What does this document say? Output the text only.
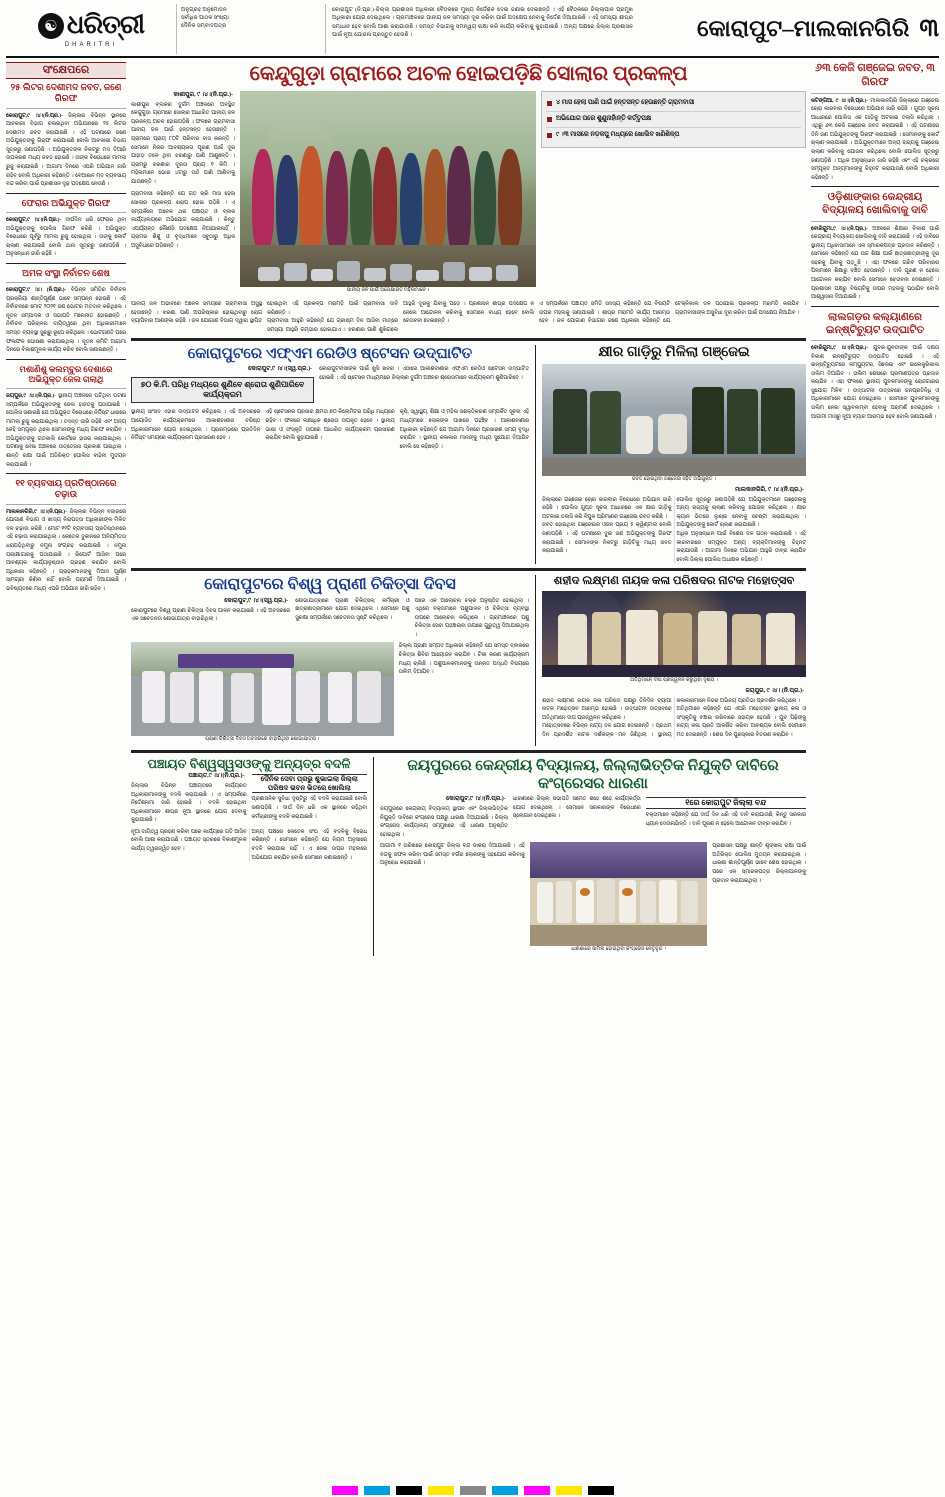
☯ ଧରିତ୍ରୀ
DHARITRI
ଅନୁଗ୍ରହ ଅନୁମୋଦନ
ସର୍ବାଧିକ ପାଠକ ସଂଖ୍ୟା
ଦୈନିକ ସମ୍ବାଦପତ୍ର
କୋରାପୁଟ (ନି.ପ୍ର.)-ଜିଲ୍ଲା ପ୍ରଶାସନ ଅଧିକାରୀ ବୈଠକରେ ମୁଖ୍ୟ ନିର୍ଦ୍ଦେଶକ ଦେଇ ଜଣାଇ ଦେଇଛନ୍ତି । ଏହି ବୈଠକରେ ଜିଲ୍ଲାପାଳ ପ୍ରମୁଖ ଅଧିକାରୀ ଯୋଗ ଦେଇଥିଲେ । ଗ୍ରାମାଞ୍ଚଳରେ ପାନୀୟ ଜଳ ସମସ୍ୟା ଦୂର କରିବା ପାଇଁ ପଦକ୍ଷେପ ନେବାକୁ ନିର୍ଦ୍ଦେଶ ଦିଆଯାଇଛି । ଏହି ସମସ୍ୟା ଶୀଘ୍ର ସମାଧାନ ହେବ ବୋଲି ଆଶା କରାଯାଉଛି । ସମସ୍ତ ବିଭାଗକୁ ସମନ୍ୱୟ ରକ୍ଷା କରି କାର୍ଯ୍ୟ କରିବାକୁ କୁହାଯାଇଛି । ଅନ୍ୟ ପକ୍ଷରେ ଜିଲ୍ଲା ପ୍ରଶାସନ ପାଇଁ ନୂଆ ଯୋଜନା ପ୍ରସ୍ତୁତ ହେଉଛି ।	କୋରାପୁଟ–ମାଲକାନଗିରି ୩
ସଂକ୍ଷେପରେ
୨୫ ଲିଟର ଦେଶୀମଦ ଜବତ, ଜଣେ ଗିରଫ
କୋରାପୁଟ,୯ ।୪।(ନି.ପ୍ର.)- ଜିଲ୍ଲାର ବିଭିନ୍ନ ସ୍ଥାନରେ ଆବକାରୀ ବିଭାଗ ଚଳାଇଥିବା ଅଭିଯାନରେ ୨୫ ଲିଟର ଦେଶୀମଦ ଜବତ କରାଯାଇଛି । ଏହି ଘଟଣାରେ ଜଣେ ଅଭିଯୁକ୍ତଙ୍କୁ ଗିରଫ କରାଯାଇଛି ବୋଲି ଆବକାରୀ ବିଭାଗ ସୂତ୍ରରୁ ଜଣାପଡ଼ିଛି । ଅଭିଯୁକ୍ତଙ୍କ ନିକଟରୁ ମଦ ତିଆରି ଉପକରଣ ମଧ୍ୟ ଜବତ ହୋଇଛି । ତାଙ୍କ ବିରୋଧରେ ମାମଲା ରୁଜୁ କରାଯାଇଛି । ଆଗାମୀ ଦିନରେ ଏପରି ଅଭିଯାନ ଜାରି ରହିବ ବୋଲି ଅଧିକାରୀ କହିଛନ୍ତି । ବେଆଇନ ମଦ ବ୍ୟବସାୟ ବନ୍ଦ କରିବା ପାଇଁ ପ୍ରଶାସନ ଦୃଢ଼ ପଦକ୍ଷେପ ନେଉଛି ।
ଫେରାର ଅଭିଯୁକ୍ତ ଗିରଫ
କୋରାପୁଟ,୯ ।୪।(ନି.ପ୍ର.)- ଦୀର୍ଘଦିନ ଧରି ଫେରାର ଥିବା ଅଭିଯୁକ୍ତଙ୍କୁ ପୋଲିସ ଗିରଫ କରିଛି । ଅଭିଯୁକ୍ତ ବିରୋଧରେ ପୂର୍ବରୁ ମାମଲା ରୁଜୁ ହୋଇଥିଲା । ତାଙ୍କୁ କୋର୍ଟ ଚାଲାଣ କରାଯାଇଛି ବୋଲି ଥାନା ସୂତ୍ରରୁ ଜଣାପଡ଼ିଛି । ଅନୁସନ୍ଧାନ ଜାରି ରହିଛି ।
ଅମଳ ସଂସ୍ଥା ନିର୍ବାଚନ ଶେଷ
କୋରାପୁଟ,୯ ।୪। (ନି.ପ୍ର.)- ବିଭିନ୍ନ ସମିତିର ନିର୍ବାଚନ ପ୍ରକ୍ରିୟା ଶାନ୍ତିପୂର୍ଣ୍ଣ ଭାବେ ସମ୍ପନ୍ନ ହୋଇଛି । ଏହି ନିର୍ବାଚନରେ ମୋଟ ୨୦୨୧ ଜଣ ଭୋଟର ମତଦାନ କରିଥିଲେ । ନୂତନ ସମ୍ପାଦକ ଓ ସଭାପତି ମନୋନୀତ ହୋଇଛନ୍ତି । ନିର୍ବାଚନ ପରିଚାଳନା ଦାୟିତ୍ୱରେ ଥିବା ଅଧିକାରୀମାନେ ସମସ୍ତ ବ୍ୟବସ୍ଥା ସୁଚାରୁ ରୂପେ କରିଥିଲେ । ଭୋଟଗଣତି ପରେ ଫଳାଫଳ ଘୋଷଣା କରାଯାଇଥିଲା । ନୂତନ କମିଟି ଆଗାମୀ ଦିନରେ ବିକାଶମୂଳକ କାର୍ଯ୍ୟ କରିବ ବୋଲି ଜଣାଇଛନ୍ତି ।
ମଶାଣିଶୁ କଲମ୍ବୁର ଦେଶାରେ ଅଭିଯୁକ୍ତ ଜେଲ ଗଲାଥି
ଜୟପୁର,୯ ।୪।(ନି.ପ୍ର.)- ସ୍ଥାନୀୟ ଅଞ୍ଚଳରେ ଘଟିଥିବା ଘଟଣା ସମ୍ପର୍କରେ ଅଭିଯୁକ୍ତଙ୍କୁ ଜେଲ ହାଜତକୁ ପଠାଯାଇଛି । ପୋଲିସ ଜଣାଇଛି ଯେ ଅଭିଯୁକ୍ତ ବିରୋଧରେ ନିର୍ଦ୍ଦିଷ୍ଟ ଧାରାରେ ମାମଲା ରୁଜୁ କରାଯାଇଥିଲା । ତଦନ୍ତ ଜାରି ରହିଛି ଏବଂ ଅନ୍ୟ କେହି ସମ୍ପୃକ୍ତ ଥିଲେ ସେମାନଙ୍କୁ ମଧ୍ୟ ଗିରଫ କରାଯିବ । ଅଭିଯୁକ୍ତଙ୍କୁ ଗତକାଲି କୋର୍ଟରେ ହାଜର କରାଯାଇଥିଲା । ଘଟଣାକୁ ନେଇ ଅଞ୍ଚଳରେ ଉତ୍ତେଜନା ପ୍ରକାଶ ପାଇଥିଲା । ଶାନ୍ତି ରକ୍ଷା ପାଇଁ ଅତିରିକ୍ତ ପୋଲିସ ବାହିନୀ ମୁତୟନ କରାଯାଇଛି ।
୧୧ ବ୍ୟବସାୟ ପ୍ରତିଷ୍ଠାନରେ ଚଢ଼ାଉ
ମାଲକାନଗିରି,୯ ।୪।(ନି.ପ୍ର.)- ଜିଲ୍ଲାର ବିଭିନ୍ନ ବଜାରରେ ଯୋଗାଣ ବିଭାଗ ଓ ଖାଦ୍ୟ ନିରାପତ୍ତା ଅଧିକାରୀଙ୍କ ମିଳିତ ଦଳ ଚଢ଼ାଉ କରିଛି । ମୋଟ ୧୧ଟି ବ୍ୟବସାୟ ପ୍ରତିଷ୍ଠାନରେ ଏହି ଚଢ଼ାଉ କରାଯାଇଥିଲା । କେତେକ ଦୁକାନରେ ଅନିୟମିତତା ଧରାପଡ଼ିଥିବାରୁ ନମୁନା ସଂଗ୍ରହ କରାଯାଇଛି । ନମୁନା ପରୀକ୍ଷାଗାରକୁ ପଠାଯାଇଛି । ରିପୋର୍ଟ ଆସିବା ପରେ ଆବଶ୍ୟକ କାର୍ଯ୍ୟାନୁଷ୍ଠାନ ଗ୍ରହଣ କରାଯିବ ବୋଲି ଅଧିକାରୀ କହିଛନ୍ତି । ଗ୍ରାହକମାନଙ୍କୁ ମିଆଦ ପୂର୍ଣ୍ଣ ସାମଗ୍ରୀ କିଣିବା ନାହିଁ ବୋଲି ପରାମର୍ଶ ଦିଆଯାଇଛି । ଭବିଷ୍ୟତରେ ମଧ୍ୟ ଏପରି ଅଭିଯାନ ଜାରି ରହିବ ।
କେନ୍ଦୁଗୁଡ଼ା ଗ୍ରାମରେ ଅଚଳ ହୋଇପଡ଼ିଛି ସୋଲାର ପ୍ରକଳ୍ପ
କାଶୀପୁର, ୯ ।୪।(ନି.ପ୍ର.)-
କାଶୀପୁର ବ୍ଲକର ଦୁର୍ଗମ ଅଞ୍ଚଳରେ ଅବସ୍ଥିତ କେନ୍ଦୁଗୁଡ଼ା ଗ୍ରାମରେ ସୋଲାର ଆଧାରିତ ପାନୀୟ ଜଳ ପ୍ରକଳ୍ପ ଅଚଳ ହୋଇପଡ଼ିଛି । ଫଳରେ ଗ୍ରାମବାସୀ ପାନୀୟ ଜଳ ପାଇଁ ହନ୍ତସନ୍ତ ହେଉଛନ୍ତି । ଗ୍ରାମରେ ପ୍ରାୟ ୮୦ଟି ପରିବାର ବାସ କରନ୍ତି । ସେମାନେ ନିଜର ଆବଶ୍ୟକତା ପୂରଣ ପାଇଁ ଦୂର ପାହାଡ଼ ତଳେ ଥିବା ଝରଣାରୁ ପାଣି ଆଣୁଛନ୍ତି । ଗ୍ରାମରୁ ଝରଣାର ଦୂରତା ପ୍ରାୟ ୧ କିମି । ମହିଳାମାନେ ଭୋର ୪ଟାରୁ ଉଠି ପାଣି ଆଣିବାକୁ ଯାଉଛନ୍ତି ।
ଗ୍ରାମବାସୀ କହିଛନ୍ତି ଯେ ଗତ ଚାରି ମାସ ହେଲା ସୋଲାର ପ୍ରକଳ୍ପ ଖରାପ ହୋଇ ପଡ଼ିଛି । ଏ ସମ୍ପର୍କରେ ଅନେକ ଥର ପଞ୍ଚାୟତ ଓ ବ୍ଲକ କାର୍ଯ୍ୟାଲୟରେ ଅଭିଯୋଗ କରାଯାଇଛି । କିନ୍ତୁ ଏପର୍ଯ୍ୟନ୍ତ କୌଣସି ପଦକ୍ଷେପ ନିଆଯାଇନାହିଁ । ଗ୍ରାମର ଶିଶୁ ଓ ବୃଦ୍ଧମାନେ ସବୁଠାରୁ ଅଧିକ ଅସୁବିଧାରେ ପଡ଼ିଛନ୍ତି ।
ପାନୀୟ ଜଳ ପାଇଁ ଅପେକ୍ଷାରତ ମହିଳାମାନେ ।
୪ ମାସ ହେଲା ପାଣି ପାଇଁ ହନ୍ତସନ୍ତ ହେଉଛନ୍ତି ଗ୍ରାମବାସୀ
ଅଭିଯୋଗ ପରେ ଶୁଣୁନାହାଁନ୍ତି କର୍ତ୍ତୃପକ୍ଷ
୯ ।୩ ମାସରେ ନଡ଼କପୁ ମଧ୍ୟରେ ଖୋଲିବ ଖଣିଶିଳ୍ପ
ପାନୀୟ ଜଳ ଅଭାବରେ ଅନେକ ସମୟରେ ଗ୍ରାମବାସୀ ଅସୁସ୍ଥ ହେଉଛନ୍ତି । ଝରଣା ପାଣି ଅପରିଷ୍କାର ହୋଇଥିବାରୁ ରୋଗ ବ୍ୟାପିବାର ଆଶଙ୍କା ରହିଛି । ଜଳ ଯୋଗାଣ ବିଭାଗ ଦ୍ୱାରା ସ୍ଥାପିତ ହୋଇଥିବା ଏହି ପ୍ରକଳ୍ପ ମରାମତି ପାଇଁ ଗ୍ରାମବାସୀ ଦାବି କରିଛନ୍ତି ।
ଗ୍ରାମବାସୀ ଆହୁରି କହିଛନ୍ତି ଯେ ଗ୍ରୀଷ୍ମ ଦିନ ଆସିବା ମାତ୍ରେ ସମସ୍ୟା ଆହୁରି ଗମ୍ଭୀର ହୋଇଯାଏ । ଝରଣାର ପାଣି ଶୁଖିଗଲେ ଆହୁରି ଦୂରକୁ ଯିବାକୁ ପଡ଼େ । ପ୍ରଶାସନ ଶୀଘ୍ର ପଦକ୍ଷେପ ନ ନେଲେ ଆନ୍ଦୋଳନ କରିବାକୁ ସେମାନେ ବାଧ୍ୟ ହେବେ ବୋଲି ଚେତାବନୀ ଦେଇଛନ୍ତି ।
ଏ ସମ୍ପର୍କରେ ପଞ୍ଚାୟତ ସମିତି ସଦସ୍ୟ କହିଛନ୍ତି ଯେ ବିଷୟଟି ଉପର ମହଲକୁ ଜଣାଯାଇଛି । ଶୀଘ୍ର ମରାମତି କାର୍ଯ୍ୟ ଆରମ୍ଭ ହେବ । ଜଳ ଯୋଗାଣ ବିଭାଗର ଜଣେ ଅଧିକାରୀ କହିଛନ୍ତି ଯେ ଟେକ୍ନିକାଲ ଦଳ ପଠାଯାଇ ପ୍ରକଳ୍ପ ମରାମତି କରାଯିବ । ଗ୍ରାମବାସୀଙ୍କ ଅସୁବିଧା ଦୂର କରିବା ପାଇଁ ପଦକ୍ଷେପ ନିଆଯିବ ।
କୋରାପୁଟରେ ଏଫ୍ଏମ ରେଡିଓ ଷ୍ଟେସନ ଉଦ୍‌ଘାଟିତ
କୋରାପୁଟ,୯ ।୪।(ସ୍ୱ.ପ୍ର.)-
୭୦ କି.ମି. ପରିଧି ମଧ୍ୟରେ ଶୁଣିବେ ଶ୍ରୋତା ଶୁଣିପାରିବେ କାର୍ଯ୍ୟକ୍ରମ
କୋରାପୁଟବାସୀଙ୍କ ପାଇଁ ଖୁସି ଖବର । ଏଠାରେ ଆକାଶବାଣୀର ଏଫ୍ଏମ ରେଡିଓ ଷ୍ଟେସନ ଉଦ୍‌ଘାଟିତ ହୋଇଛି । ଏହି ଷ୍ଟେସନ ମାଧ୍ୟମରେ ଜିଲ୍ଲାର ଦୁର୍ଗମ ଅଞ୍ଚଳର ଶ୍ରୋତାମାନେ କାର୍ଯ୍ୟକ୍ରମ ଶୁଣିପାରିବେ ।
ସ୍ଥାନୀୟ ସାଂସଦ ଏହାର ଉଦ୍‌ଘାଟନ କରିଥିଲେ । ଏହି ଅବସରରେ ଆୟୋଜିତ କାର୍ଯ୍ୟକ୍ରମରେ ଆକାଶବାଣୀର ବରିଷ୍ଠ ଅଧିକାରୀମାନେ ଯୋଗ ଦେଇଥିଲେ । ପ୍ରାରମ୍ଭରେ ପ୍ରତିଦିନ ନିର୍ଦ୍ଦିଷ୍ଟ ସମୟରେ କାର୍ଯ୍ୟକ୍ରମ ପ୍ରସାରଣ ହେବ ।
ଏହି ଷ୍ଟେସନର ପ୍ରସାର କ୍ଷମତା ୭୦ କିଲୋମିଟର ପରିଧି ମଧ୍ୟରେ ରହିବ । ଫଳରେ ଲକ୍ଷାଧିକ ଶ୍ରୋତା ଉପକୃତ ହେବେ । ସ୍ଥାନୀୟ ଭାଷା ଓ ସଂସ୍କୃତି ଉପରେ ଆଧାରିତ କାର୍ଯ୍ୟକ୍ରମ ପ୍ରସାରଣ କରାଯିବ ବୋଲି କୁହାଯାଇଛି ।
କୃଷି, ସ୍ୱାସ୍ଥ୍ୟ, ଶିକ୍ଷା ଓ ମହିଳା ସଶକ୍ତିକରଣ ସମ୍ପର୍କିତ ସୂଚନା ଏହି ମାଧ୍ୟମରେ ଲୋକଙ୍କ ପାଖରେ ପହଞ୍ଚିବ । ଆକାଶବାଣୀର ଅଧିକାରୀ କହିଛନ୍ତି ଯେ ଆଗାମୀ ଦିନରେ ପ୍ରସାରଣ ସମୟ ବୃଦ୍ଧି କରାଯିବ । ସ୍ଥାନୀୟ କଳାକାର ମାନଙ୍କୁ ମଧ୍ୟ ସୁଯୋଗ ଦିଆଯିବ ବୋଲି ସେ କହିଛନ୍ତି ।
କ୍ଷୀର ଗାଡ଼ିରୁ ମିଳିଲା ଗଞ୍ଜେଇ
ଜବତ ହୋଇଥିବା ଗଞ୍ଜେଇ ସହିତ ଅଭିଯୁକ୍ତ ।
ମାଲକାନଗିରି, ୯ ।୪।(ନି.ପ୍ର.)-
ଜିଲ୍ଲାରେ ଗଞ୍ଜେଇ ଚୋରା କାରବାର ବିରୋଧରେ ଅଭିଯାନ ଜାରି ରହିଛି । ପୋଲିସ ଗୁପ୍ତ ସୂଚନା ଆଧାରରେ ଏକ କ୍ଷୀର ଗାଡ଼ିକୁ ଅଟକାଇ ତଲାସି କରି ବିପୁଳ ପରିମାଣର ଗଞ୍ଜେଇ ଜବତ କରିଛି ।
ଜବତ ହୋଇଥିବା ଗଞ୍ଜେଇର ଓଜନ ପ୍ରାୟ ୫ କ୍ୱିଣ୍ଟାଲ ବୋଲି ଜଣାପଡ଼ିଛି । ଏହି ଘଟଣାରେ ଦୁଇ ଜଣ ଅଭିଯୁକ୍ତଙ୍କୁ ଗିରଫ କରାଯାଇଛି । ସେମାନଙ୍କ ନିକଟରୁ ଗାଡ଼ିଟିକୁ ମଧ୍ୟ ଜବତ କରାଯାଇଛି ।
ପୋଲିସ ସୂତ୍ରରୁ ଜଣାପଡ଼ିଛି ଯେ ଅଭିଯୁକ୍ତମାନେ ଗଞ୍ଜେଇକୁ ଅନ୍ୟ ରାଜ୍ୟକୁ ଚାଲାଣ କରିବାକୁ ଯୋଜନା କରିଥିଲେ । କ୍ଷୀର କ୍ୟାନ ଭିତରେ ଲୁଚାଇ ନେବାକୁ ଚେଷ୍ଟା କରାଯାଇଥିଲା । ଅଭିଯୁକ୍ତଙ୍କୁ କୋର୍ଟ ଚାଲାଣ କରାଯାଇଛି ।
ଅଧିକ ଅନୁସନ୍ଧାନ ପାଇଁ ବିଶେଷ ଦଳ ଗଠନ କରାଯାଇଛି । ଏହି କାରବାରରେ ସମ୍ପୃକ୍ତ ଅନ୍ୟ ବ୍ୟକ୍ତିମାନଙ୍କୁ ଚିହ୍ନଟ କରାଯାଉଛି । ଆଗାମୀ ଦିନରେ ଅଭିଯାନ ଆହୁରି ତୀବ୍ର କରାଯିବ ବୋଲି ଜିଲ୍ଲା ପୋଲିସ ଅଧୀକ୍ଷକ କହିଛନ୍ତି ।
କୋରାପୁଟରେ ବିଶ୍ୱ ପ୍ରାଣୀ ଚିକିତ୍ସା ଦିବସ
କୋରାପୁଟ,୯ ।୪।(ସ୍ୱ.ପ୍ର.)-
କୋରାପୁଟରେ ବିଶ୍ୱ ପ୍ରାଣୀ ଚିକିତ୍ସା ଦିବସ ପାଳନ କରାଯାଇଛି । ଏହି ଅବସରରେ ଏକ ସଚେତନତା ଶୋଭାଯାତ୍ରା ବାହାରିଥିଲା ।
ଶୋଭାଯାତ୍ରାରେ ପ୍ରାଣୀ ଚିକିତ୍ସକ, କର୍ମଚାରୀ ଓ ଛାତ୍ରଛାତ୍ରୀମାନେ ଯୋଗ ଦେଇଥିଲେ । ସେମାନେ ପଶୁ ସୁରକ୍ଷା ସମ୍ପର୍କରେ ସଚେତନତା ସୃଷ୍ଟି କରିଥିଲେ ।
ପରେ ଏକ ଆଲୋଚନା ଚକ୍ର ଅନୁଷ୍ଠିତ ହୋଇଥିଲା । ଏଥିରେ ବକ୍ତାମାନେ ପଶୁପାଳନ ଓ ଚିକିତ୍ସା ବ୍ୟବସ୍ଥା ଉପରେ ଆଲୋଚନା କରିଥିଲେ । ଗ୍ରାମାଞ୍ଚଳରେ ପଶୁ ଚିକିତ୍ସା ସେବା ପହଞ୍ଚାଇବା ଉପରେ ଗୁରୁତ୍ୱ ଦିଆଯାଇଥିଲା ।
ପ୍ରାଣୀ ଚିକିତ୍ସା ଦିବସ ଅବସରରେ ବାହାରିଥିବା ଶୋଭାଯାତ୍ରା ।
ଜିଲ୍ଲା ପ୍ରାଣୀ ସମ୍ପଦ ଅଧିକାରୀ କହିଛନ୍ତି ଯେ ସମସ୍ତ ବ୍ଲକରେ ଚିକିତ୍ସା ଶିବିର ଆୟୋଜନ କରାଯିବ । ଟିକା କରଣ କାର୍ଯ୍ୟକ୍ରମ ମଧ୍ୟ ଚାଲିଛି । ପଶୁପାଳକମାନଙ୍କୁ ଉନ୍ନତ ପଦ୍ଧତି ବିଷୟରେ ତାଲିମ ଦିଆଯିବ ।
ଶହୀଦ ଲକ୍ଷ୍ମଣ ନାୟକ କଳା ପରିଷଦର ନାଟକ ମହୋତ୍ସବ
ଅତିଥିମାନେ ଦୀପ ପ୍ରଜ୍ୱଳନ କରୁଥିବା ଦୃଶ୍ୟ ।
ଜୟପୁର, ୯ ।୪। (ନି.ପ୍ର.)-
ଶହୀଦ ଲକ୍ଷ୍ମଣ ନାୟକ କଳା ପରିଷଦ ପକ୍ଷରୁ ତିନିଦିନ ବ୍ୟାପୀ ନାଟକ ମହୋତ୍ସବ ଆରମ୍ଭ ହୋଇଛି । ଉଦ୍‌ଘାଟନୀ ଉତ୍ସବରେ ଅତିଥିମାନେ ଦୀପ ପ୍ରଜ୍ୱଳନ କରିଥିଲେ ।
ମହୋତ୍ସବରେ ବିଭିନ୍ନ ନାଟ୍ୟ ଦଳ ଯୋଗ ଦେଇଛନ୍ତି । ପ୍ରଥମ ଦିନ ପ୍ରଦର୍ଶିତ ନାଟକ ଦର୍ଶକଙ୍କ ମନ ଜିଣିଥିଲା । ସ୍ଥାନୀୟ କଳାକାରମାନେ ନିଜର ଅଭିନୟ ପ୍ରତିଭା ପ୍ରଦର୍ଶନ କରିଥିଲେ ।
ଅତିଥିମାନେ କହିଛନ୍ତି ଯେ ଏପରି ମହୋତ୍ସବ ସ୍ଥାନୀୟ କଳା ଓ ସଂସ୍କୃତିକୁ ବଞ୍ଚାଇ ରଖିବାରେ ସହାୟକ ହେଉଛି । ଯୁବ ପିଢ଼ିଙ୍କୁ ନାଟ୍ୟ କଳା ପ୍ରତି ଆକର୍ଷିତ କରିବା ଆବଶ୍ୟକ ବୋଲି ସେମାନେ ମତ ଦେଇଛନ୍ତି । ଶେଷ ଦିନ ପୁରସ୍କାର ବିତରଣ କରାଯିବ ।
ପଞ୍ଚାୟତ ବିଶ୍ୱସ୍ୱସଓଙ୍କୁ ଅନ୍ୟତ୍ର ବଦଳି
ପଞ୍ଚାୟତ,୯ ।୪।(ନି.ପ୍ର.)-
ଜିଲ୍ଲାର ବିଭିନ୍ନ ପଞ୍ଚାୟତରେ କାର୍ଯ୍ୟରତ ଅଧିକାରୀମାନଙ୍କୁ ବଦଳି କରାଯାଇଛି । ଏ ସମ୍ପର୍କରେ ନିର୍ଦ୍ଦେଶନାମା ଜାରି ହୋଇଛି । ବଦଳି ହୋଇଥିବା ଅଧିକାରୀମାନେ ଶୀଘ୍ର ନୂଆ ସ୍ଥାନରେ ଯୋଗ ଦେବାକୁ କୁହାଯାଇଛି ।
ଦୈନିକ ସେବା ପ୍ରଭୁ ଶୁଭାଇଲା ଜିଲ୍ଲା ପରିଷଦ ଭବନ ଭିତରେ ଖୋଲିଲା
ପ୍ରଶାସନିକ ସୁବିଧା ଦୃଷ୍ଟିରୁ ଏହି ବଦଳି କରାଯାଇଛି ବୋଲି ଜଣାପଡ଼ିଛି । ଦୀର୍ଘ ଦିନ ଧରି ଏକ ସ୍ଥାନରେ ରହିଥିବା କର୍ମଚାରୀଙ୍କୁ ବଦଳି କରାଯାଇଛି ।
ନୂଆ ଦାୟିତ୍ୱ ଗ୍ରହଣ କରିବା ପରେ କାର୍ଯ୍ୟରେ ଗତି ଆସିବ ବୋଲି ଆଶା କରାଯାଉଛି । ପଞ୍ଚାୟତ ସ୍ତରରେ ବିକାଶମୂଳକ କାର୍ଯ୍ୟ ତ୍ୱରାନ୍ୱିତ ହେବ ।
ଅନ୍ୟ ପକ୍ଷରେ କେତେକ ସଂଘ ଏହି ବଦଳିକୁ ବିରୋଧ କରିଛନ୍ତି । ସେମାନେ କହିଛନ୍ତି ଯେ ନିୟମ ଅନୁସାରେ ବଦଳି କରାଯାଇ ନାହିଁ । ଏ ନେଇ ଉପର ମହଲରେ ଅଭିଯୋଗ କରାଯିବ ବୋଲି ସେମାନେ ଜଣାଇଛନ୍ତି ।
ଜୟପୁରରେ କେନ୍ଦ୍ରୀୟ ବିଦ୍ୟାଳୟ, ଜିଲ୍ଲାଭିତ୍ତିକ ନିଯୁକ୍ତି ଦାବିରେ କଂଗ୍ରେସର ଧାରଣା
କୋରାପୁଟ,୯ ।୪।(ନି.ପ୍ର.)-
ଜୟପୁରରେ କେନ୍ଦ୍ରୀୟ ବିଦ୍ୟାଳୟ ସ୍ଥାପନ ଏବଂ ଜିଲ୍ଲାଭିତ୍ତିକ ନିଯୁକ୍ତି ଦାବିରେ କଂଗ୍ରେସ ପକ୍ଷରୁ ଧାରଣା ଦିଆଯାଇଛି । ଜିଲ୍ଲା କଂଗ୍ରେସ କାର୍ଯ୍ୟାଲୟ ସମ୍ମୁଖରେ ଏହି ଧାରଣା ଅନୁଷ୍ଠିତ ହୋଇଥିଲା ।
ଧାରଣାରେ ଜିଲ୍ଲା ସଭାପତି ସମେତ ଶହେ ଶହେ କାର୍ଯ୍ୟକର୍ତ୍ତା ଯୋଗ ଦେଇଥିଲେ । ସେମାନେ ସରକାରଙ୍କ ବିରୋଧରେ ସ୍ଲୋଗାନ ଦେଇଥିଲେ ।
୧ରେ କୋରାପୁଟ ଜିଲ୍ଲା ବନ୍ଦ
ବକ୍ତାମାନେ କହିଛନ୍ତି ଯେ ଦୀର୍ଘ ଦିନ ଧରି ଏହି ଦାବି କରାଯାଉଛି, କିନ୍ତୁ ସରକାର ଧ୍ୟାନ ଦେଉନାହାଁନ୍ତି । ଦାବି ପୂରଣ ନ ହେଲେ ଆନ୍ଦୋଳନ ତୀବ୍ର କରାଯିବ ।
ଆଗାମୀ ୧ ତାରିଖରେ କୋରାପୁଟ ଜିଲ୍ଲା ବନ୍ଦ ଡାକରା ଦିଆଯାଇଛି । ଏହି ବନ୍ଦକୁ ସଫଳ କରିବା ପାଇଁ ସମସ୍ତ ବର୍ଗର ଲୋକଙ୍କୁ ସହଯୋଗ କରିବାକୁ ଅନୁରୋଧ କରାଯାଇଛି ।
ଧାରଣାରେ ସାମିଲ ହୋଇଥିବା କଂଗ୍ରେସ ନେତୃବୃନ୍ଦ ।
ପ୍ରଶାସନ ପକ୍ଷରୁ ଶାନ୍ତି ଶୃଙ୍ଖଳା ରକ୍ଷା ପାଇଁ ଅତିରିକ୍ତ ପୋଲିସ ମୁତୟନ କରାଯାଇଥିଲା । ଧାରଣା ଶାନ୍ତିପୂର୍ଣ୍ଣ ଭାବେ ଶେଷ ହୋଇଥିଲା । ପରେ ଏକ ସ୍ମାରକପତ୍ର ଜିଲ୍ଲାପାଳଙ୍କୁ ପ୍ରଦାନ କରାଯାଇଥିଲା ।
୬୩ କେଜି ଗଞ୍ଜେଇ ଜବତ, ୩ ଗିରଫ
କଟିଙ୍ଗିଆ, ୯ ।୪।(ନି.ପ୍ର.)- ମାଲକାନଗିରି ଜିଲ୍ଲାରେ ଗଞ୍ଜେଇ ଚୋରା କାରବାର ବିରୋଧରେ ଅଭିଯାନ ଜାରି ରହିଛି । ଗୁପ୍ତ ସୂଚନା ଆଧାରରେ ପୋଲିସ ଏକ ଗାଡ଼ିକୁ ଅଟକାଇ ତଲାସି କରିଥିଲା । ଏଥିରୁ ୬୩ କେଜି ଗଞ୍ଜେଇ ଜବତ କରାଯାଇଛି । ଏହି ଘଟଣାରେ ତିନି ଜଣ ଅଭିଯୁକ୍ତଙ୍କୁ ଗିରଫ କରାଯାଇଛି । ସେମାନଙ୍କୁ କୋର୍ଟ ଚାଲାଣ କରାଯାଇଛି । ଅଭିଯୁକ୍ତମାନେ ଅନ୍ୟ ରାଜ୍ୟକୁ ଗଞ୍ଜେଇ ଚାଲାଣ କରିବାକୁ ଯୋଜନା କରିଥିଲେ ବୋଲି ପୋଲିସ ସୂତ୍ରରୁ ଜଣାପଡ଼ିଛି । ଅଧିକ ଅନୁସନ୍ଧାନ ଜାରି ରହିଛି ଏବଂ ଏହି ଚକ୍ରରେ ସମ୍ପୃକ୍ତ ଅନ୍ୟମାନଙ୍କୁ ଚିହ୍ନଟ କରାଯାଉଛି ବୋଲି ଅଧିକାରୀ କହିଛନ୍ତି ।
ଓଡ଼ିଶାଙ୍କାର କେନ୍ଦ୍ରୀୟ ବିଦ୍ୟାଳୟ ଖୋଲିବାକୁ ଦାବି
ବୋରିଗୁମା,୯ ।୪।(ନି.ପ୍ର.)- ଅଞ୍ଚଳରେ ଶିକ୍ଷାର ବିକାଶ ପାଇଁ କେନ୍ଦ୍ରୀୟ ବିଦ୍ୟାଳୟ ଖୋଲିବାକୁ ଦାବି କରାଯାଇଛି । ଏହି ଦାବିରେ ସ୍ଥାନୀୟ ଅଧିବାସୀମାନେ ଏକ ସ୍ମାରକପତ୍ର ପ୍ରଦାନ କରିଛନ୍ତି । ସେମାନେ କହିଛନ୍ତି ଯେ ଉଚ୍ଚ ଶିକ୍ଷା ପାଇଁ ଛାତ୍ରଛାତ୍ରୀଙ୍କୁ ଦୂର ସହରକୁ ଯିବାକୁ ପଡ଼ୁଛି । ଏହା ଫଳରେ ଗରିବ ପରିବାରର ପିଲାମାନେ ଶିକ୍ଷାରୁ ବଞ୍ଚିତ ହେଉଛନ୍ତି । ଦାବି ପୂରଣ ନ ହେଲେ ଆନ୍ଦୋଳନ କରାଯିବ ବୋଲି ସେମାନେ ଚେତାବନୀ ଦେଇଛନ୍ତି । ପ୍ରଶାସନ ପକ୍ଷରୁ ବିଷୟଟିକୁ ଉପର ମହଲକୁ ପଠାଯିବ ବୋଲି ଆଶ୍ୱାସନା ଦିଆଯାଇଛି ।
ଲାଲଗଡ଼ର କଲ୍ୟାଣରେ ଇନ୍‌ଷ୍ଟିଚ୍ୟୁଟ ଉଦ୍‌ଘାଟିତ
ବୋରିଗୁମା,୯ ।୪।(ନି.ପ୍ର.)- ଯୁବକ-ଯୁବତୀଙ୍କ ପାଇଁ ଦକ୍ଷତା ବିକାଶ ଇନ୍‌ଷ୍ଟିଚ୍ୟୁଟ ଉଦ୍‌ଘାଟିତ ହୋଇଛି । ଏହି ଇନ୍‌ଷ୍ଟିଚ୍ୟୁଟରେ କମ୍ପ୍ୟୁଟର, ସିଲେଇ ଏବଂ ଇଲେକ୍ଟ୍ରିକାଲ ତାଲିମ ଦିଆଯିବ । ତାଲିମ ଶେଷରେ ପ୍ରମାଣପତ୍ର ପ୍ରଦାନ କରାଯିବ । ଏହା ଫଳରେ ସ୍ଥାନୀୟ ଯୁବକମାନଙ୍କୁ ରୋଜଗାରର ସୁଯୋଗ ମିଳିବ । ଉଦ୍‌ଘାଟନୀ ଉତ୍ସବରେ ଜନପ୍ରତିନିଧି ଓ ଅଧିକାରୀମାନେ ଯୋଗ ଦେଇଥିଲେ । ସେମାନେ ଯୁବକମାନଙ୍କୁ ତାଲିମ ନେଇ ସ୍ୱାବଲମ୍ବୀ ହେବାକୁ ପରାମର୍ଶ ଦେଇଥିଲେ । ଆଗାମୀ ମାସରୁ ନୂଆ ବ୍ୟାଚ ଆରମ୍ଭ ହେବ ବୋଲି ଜଣାଯାଇଛି ।
